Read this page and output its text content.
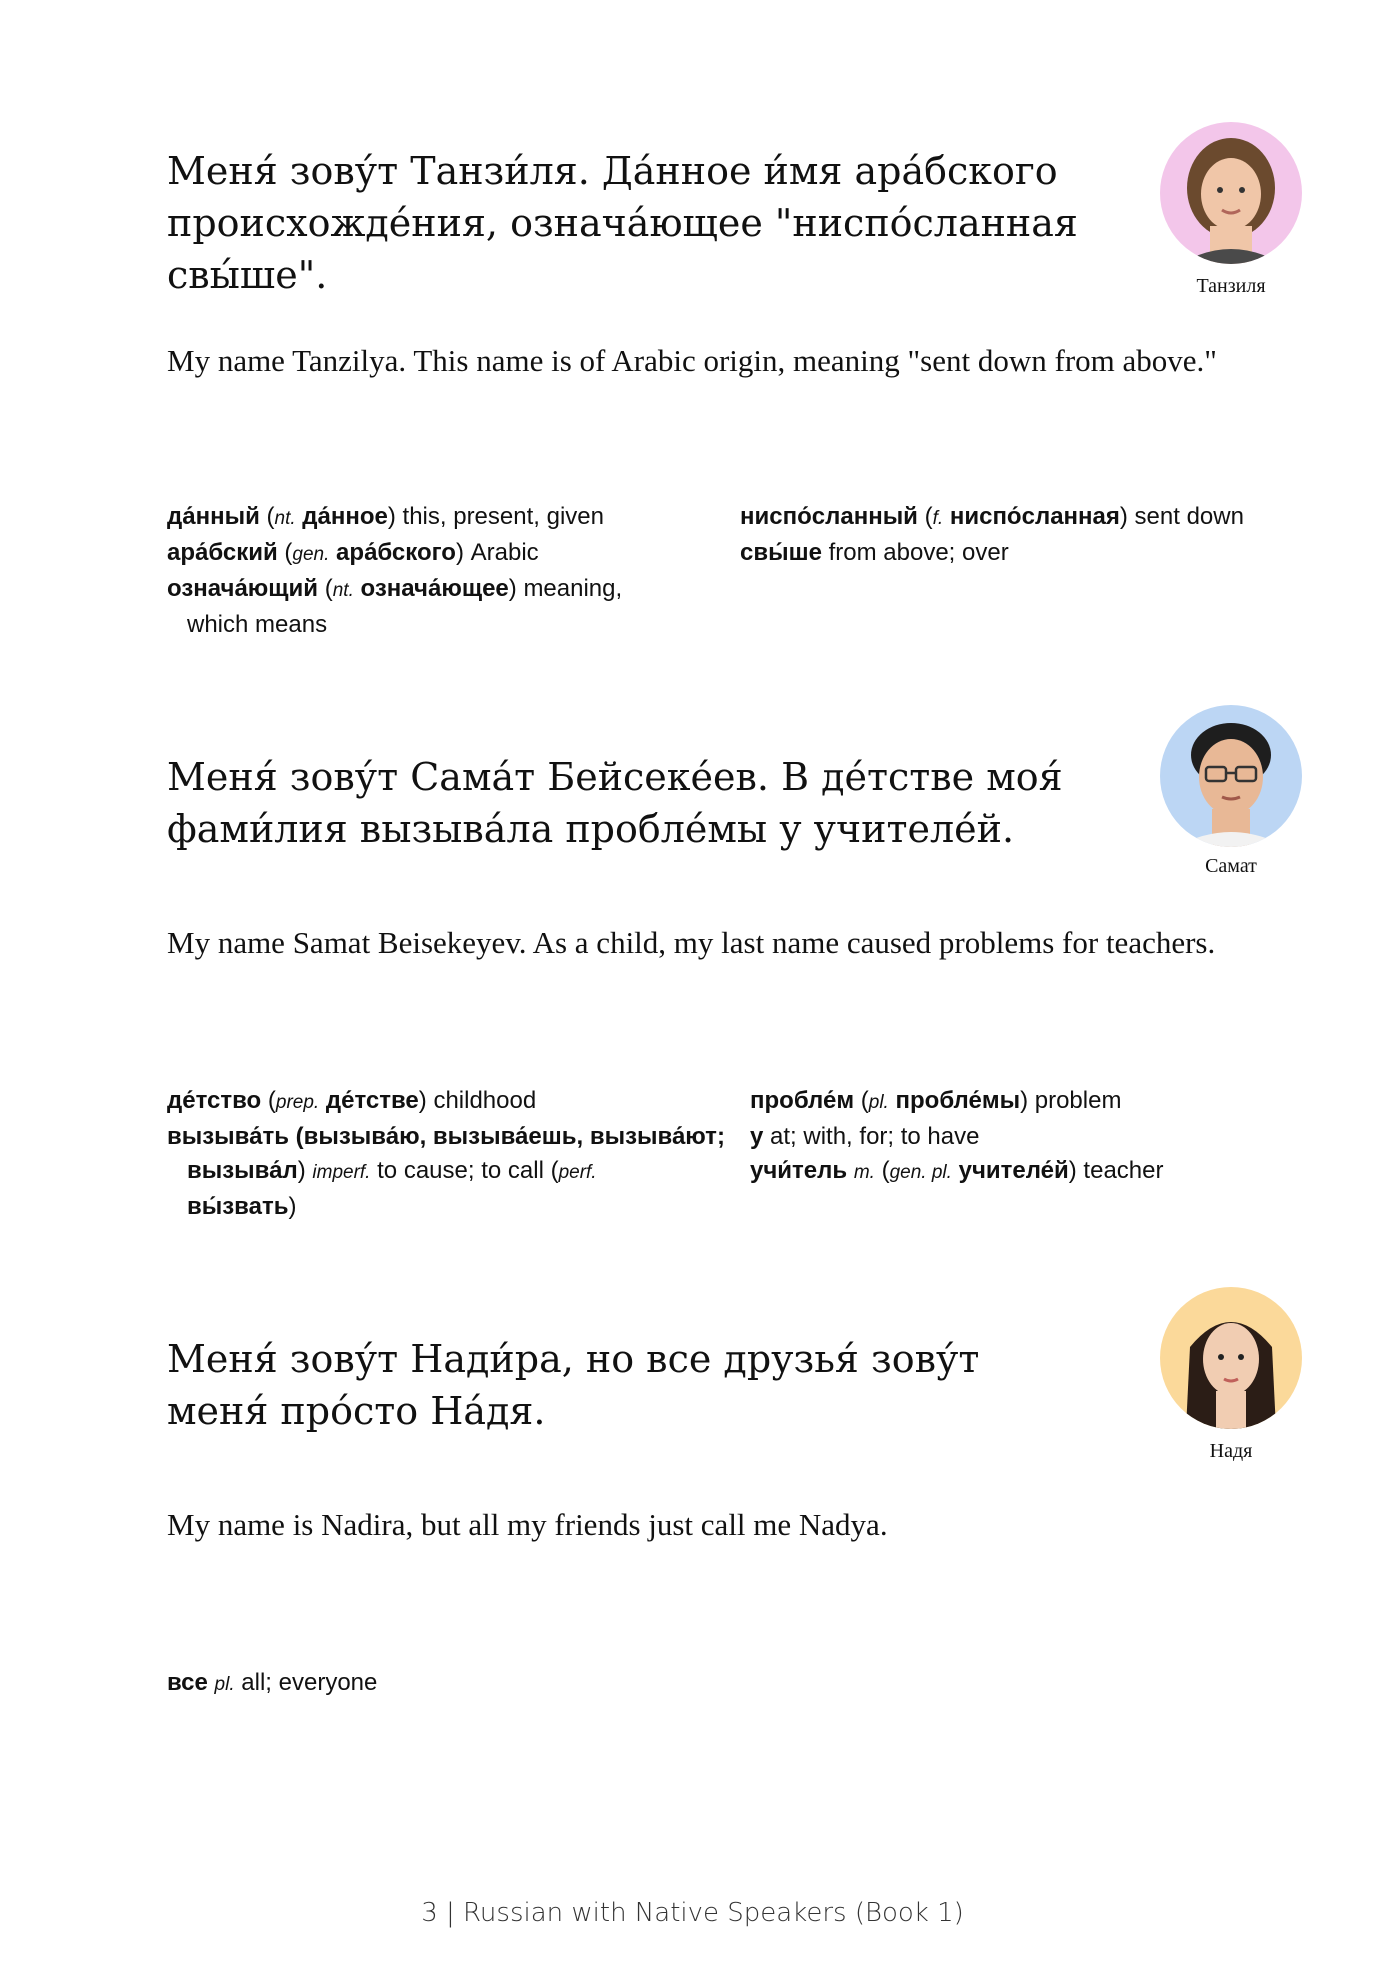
Меня́ зову́т Танзи́ля. Да́нное и́мя ара́бского происхожде́ния, означа́ющее "ниспо́сланная свы́ше".	Танзиля

My name Tanzilya. This name is of Arabic origin, meaning "sent down from above."

да́нный (nt. да́нное) this, present, given
ара́бский (gen. ара́бского) Arabic
означа́ющий (nt. означа́ющее) meaning,
which means
ниспо́сланный (f. ниспо́сланная) sent down
свы́ше from above; over

Меня́ зову́т Сама́т Бейсеке́ев. В де́тстве моя́ фами́лия вызыва́ла пробле́мы у учителе́й.

Самат

My name Samat Beisekeyev. As a child, my last name caused problems for teachers.

де́тство (prep. де́тстве) childhood
вызыва́ть (вызыва́ю, вызыва́ешь, вызыва́ют;
вызыва́л) imperf. to cause; to call (perf.
вы́звать)
пробле́м (pl. пробле́мы) problem
у at; with, for; to have
учи́тель m. (gen. pl. учителе́й) teacher

Меня́ зову́т Нади́ра, но все друзья́ зову́т меня́ про́сто На́дя.

Надя

My name is Nadira, but all my friends just call me Nadya.

все pl. all; everyone
3 | Russian with Native Speakers (Book 1)
